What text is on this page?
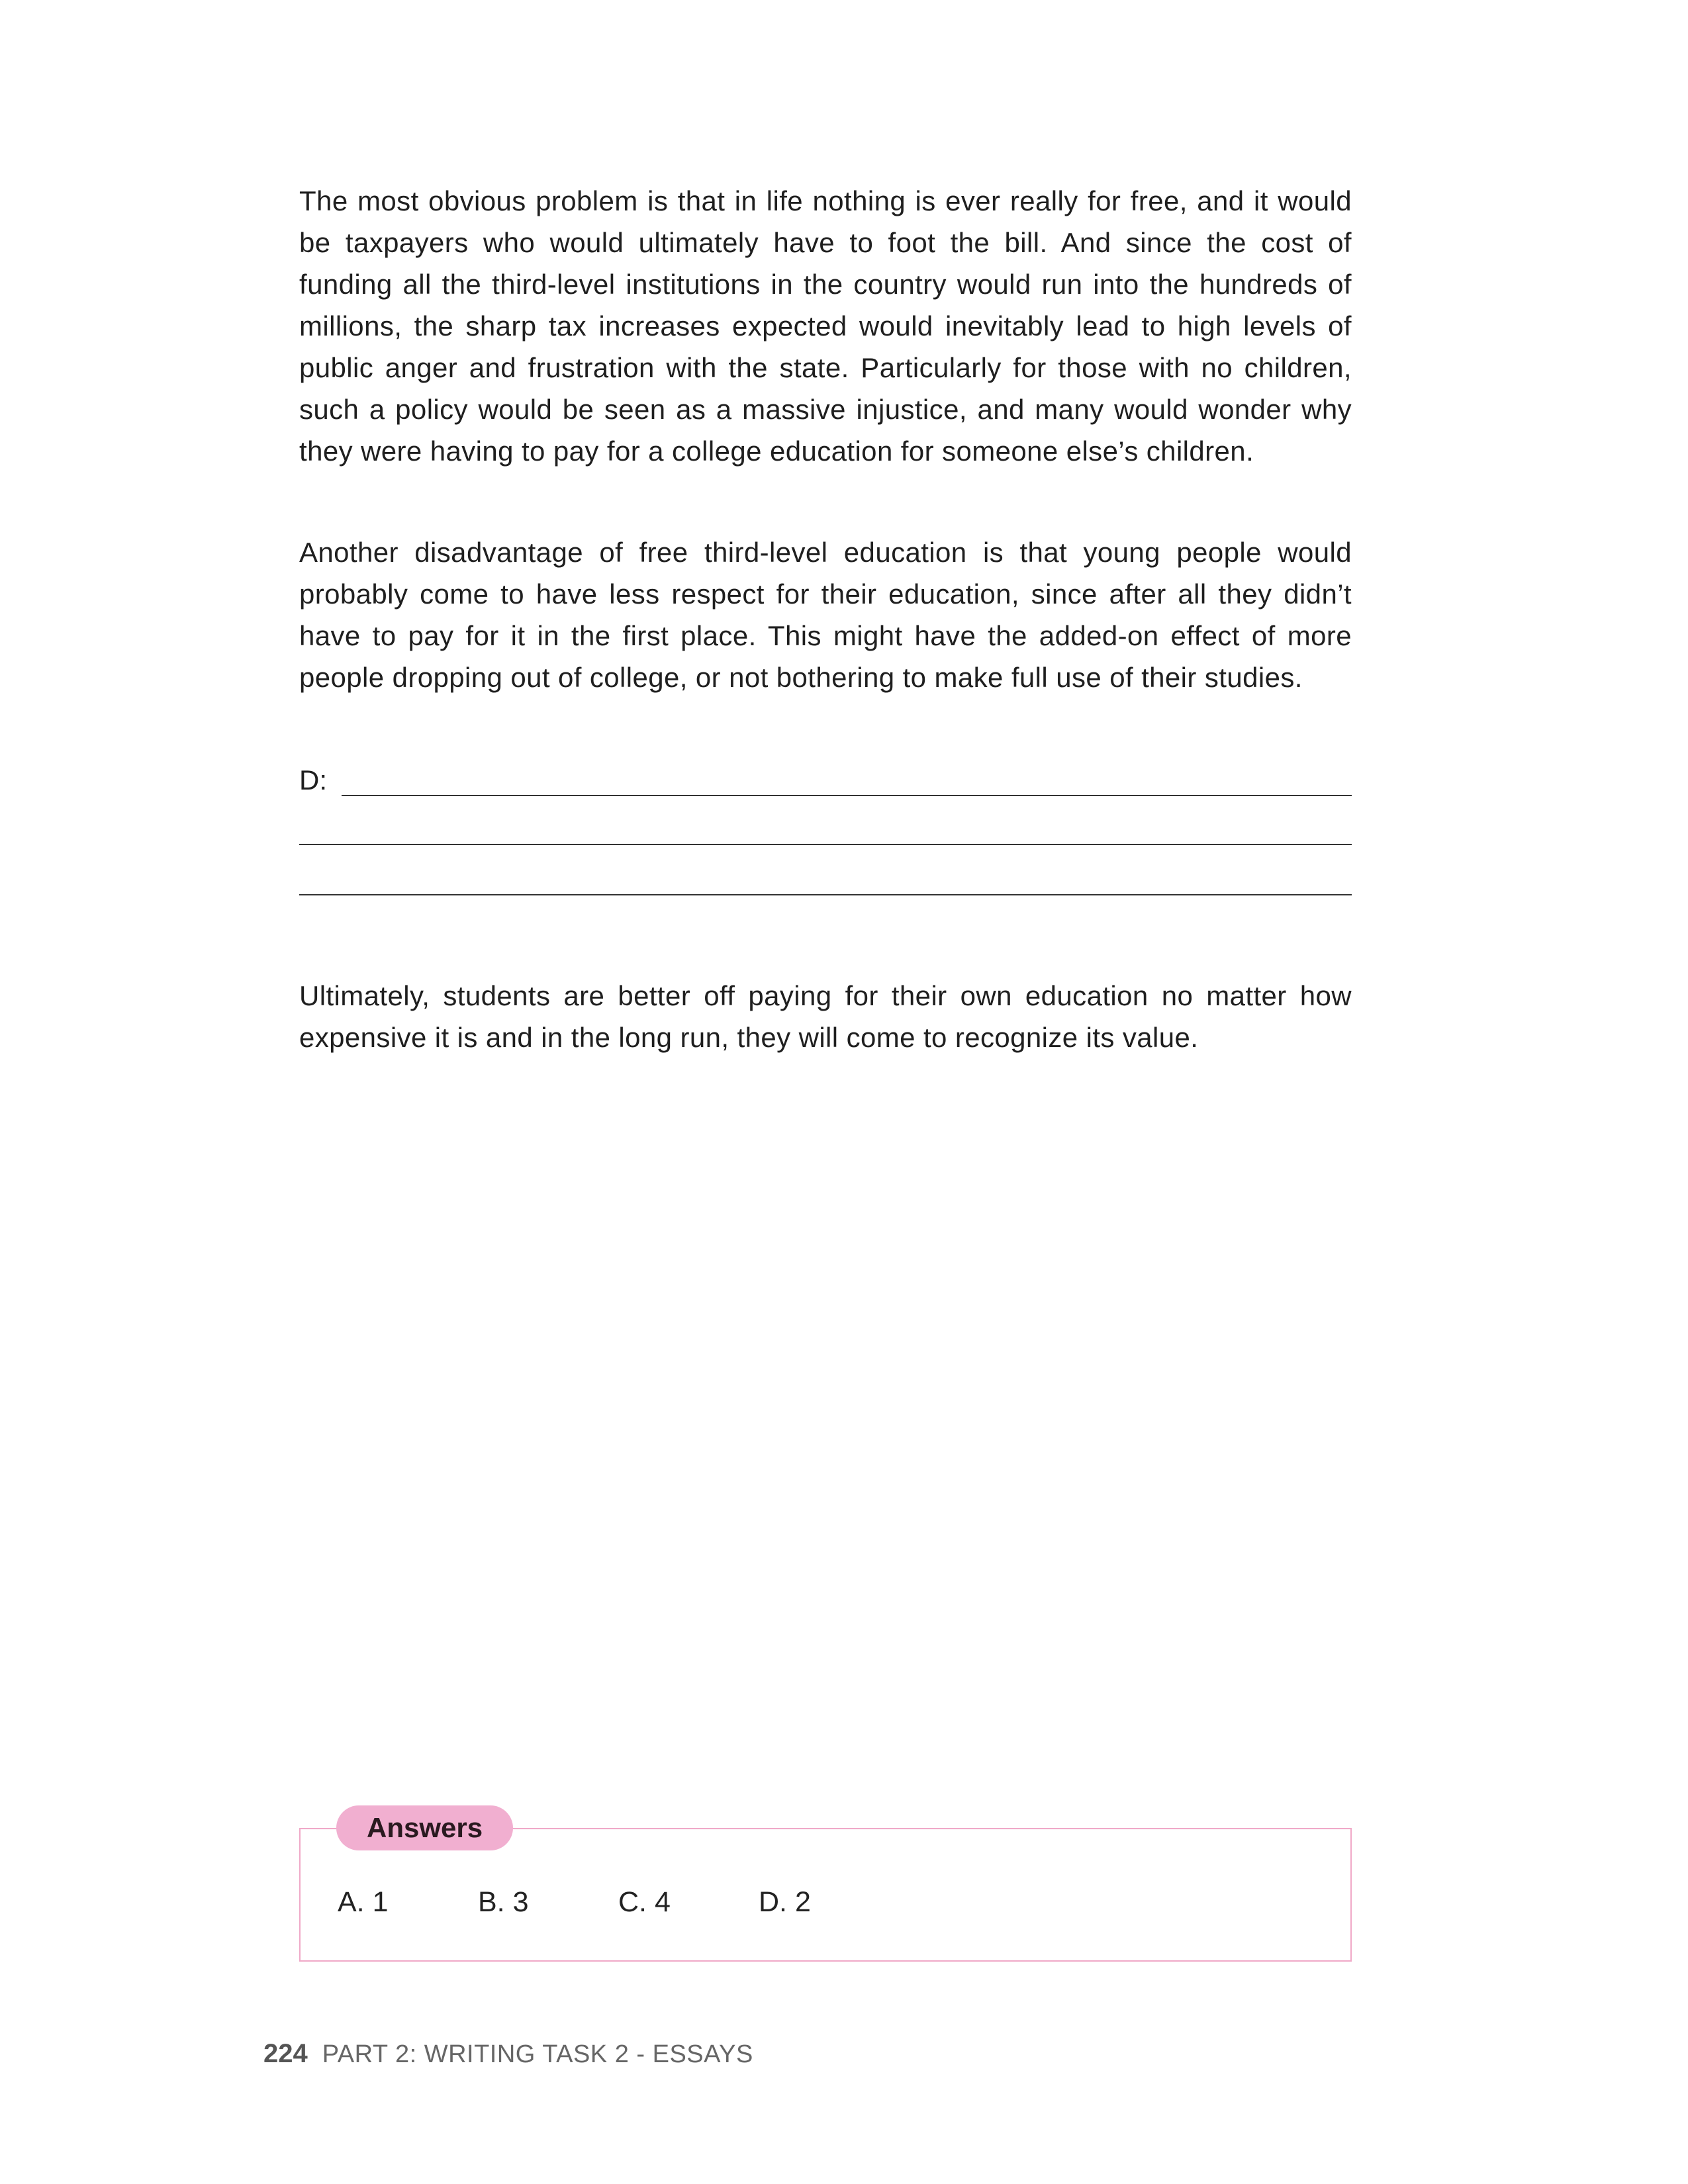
The most obvious problem is that in life nothing is ever really for free, and it would be taxpayers who would ultimately have to foot the bill. And since the cost of funding all the third-level institutions in the country would run into the hundreds of millions, the sharp tax increases expected would inevitably lead to high levels of public anger and frustration with the state. Particularly for those with no children, such a policy would be seen as a massive injustice, and many would wonder why they were having to pay for a college education for someone else’s children.

Another disadvantage of free third-level education is that young people would probably come to have less respect for their education, since after all they didn’t have to pay for it in the first place. This might have the added-on effect of more people dropping out of college, or not bothering to make full use of their studies.

D:

Ultimately, students are better off paying for their own education no matter how expensive it is and in the long run, they will come to recognize its value.

Answers
A. 1	B. 3	C. 4	D. 2
224 PART 2: WRITING TASK 2 - ESSAYS
